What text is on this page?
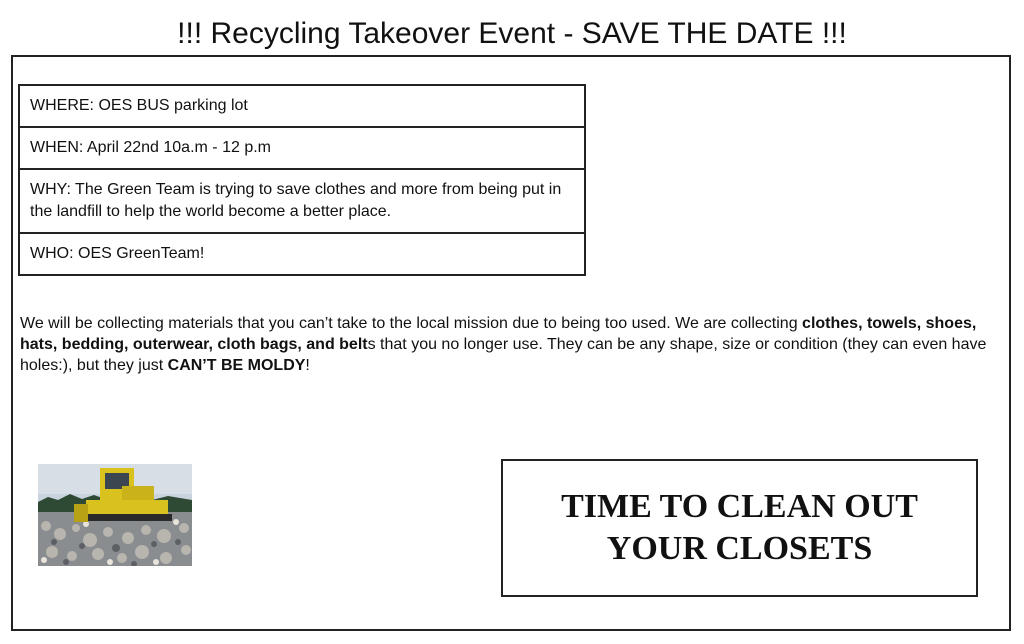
!!! Recycling Takeover Event - SAVE THE DATE !!!
WHERE: OES BUS parking lot
WHEN: April 22nd 10a.m - 12 p.m
WHY: The Green Team is trying to save clothes and more from being put in the landfill to help the world become a better place.
WHO: OES GreenTeam!

We will be collecting materials that you can’t take to the local mission due to being too used. We are collecting clothes, towels, shoes, hats, bedding, outerwear, cloth bags, and belts that you no longer use. They can be any shape, size or condition (they can even have holes:), but they just CAN’T BE MOLDY!

TIME TO CLEAN OUT
YOUR CLOSETS
